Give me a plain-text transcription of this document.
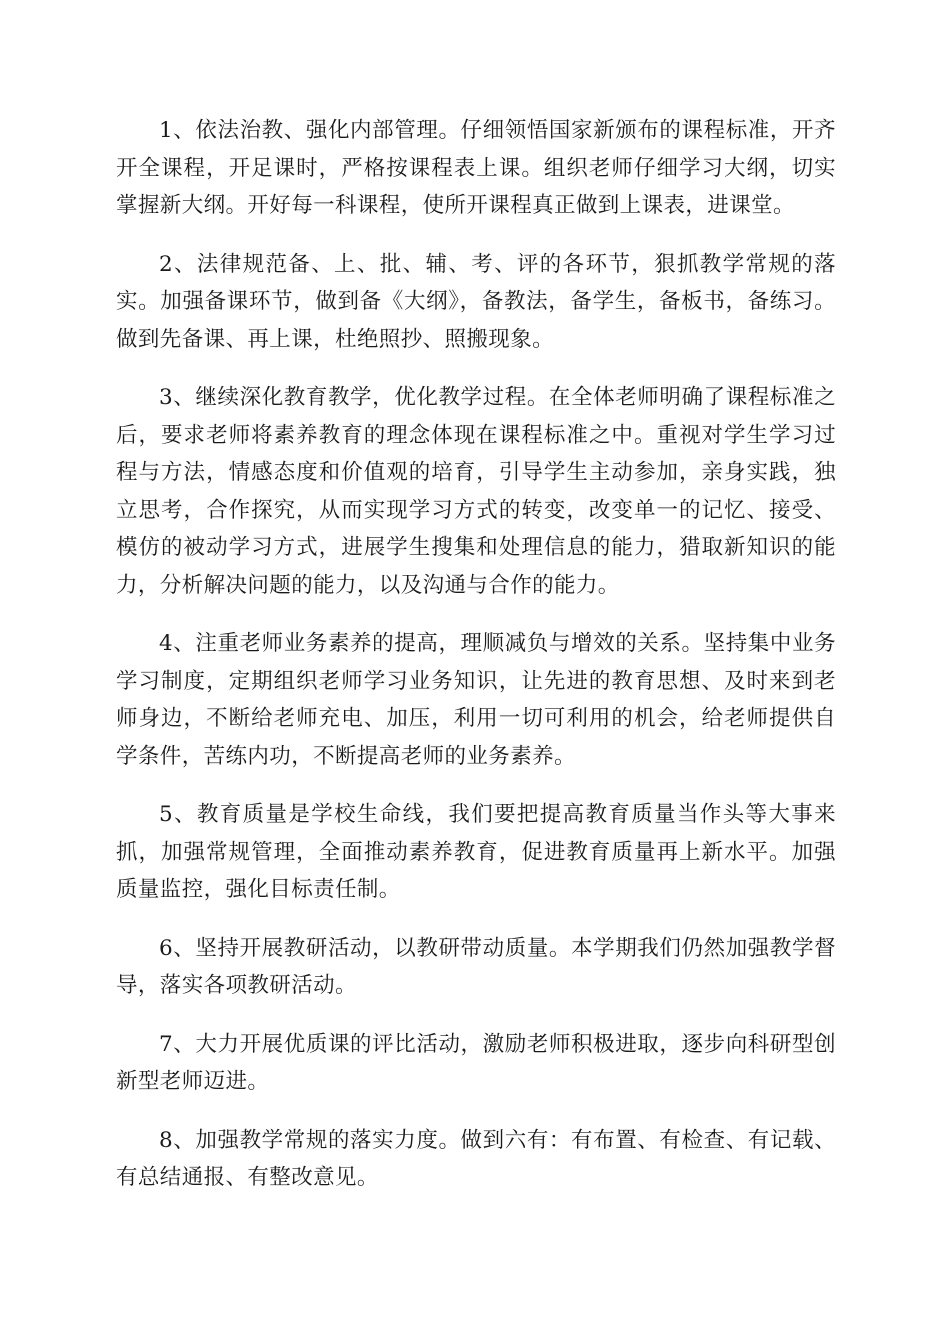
1、依法治教、强化内部管理。仔细领悟国家新颁布的课程标准，开齐开全课程，开足课时，严格按课程表上课。组织老师仔细学习大纲，切实掌握新大纲。开好每一科课程，使所开课程真正做到上课表，进课堂。

2、法律规范备、上、批、辅、考、评的各环节，狠抓教学常规的落实。加强备课环节，做到备《大纲》，备教法，备学生，备板书，备练习。做到先备课、再上课，杜绝照抄、照搬现象。

3、继续深化教育教学，优化教学过程。在全体老师明确了课程标准之后，要求老师将素养教育的理念体现在课程标准之中。重视对学生学习过程与方法，情感态度和价值观的培育，引导学生主动参加，亲身实践，独立思考，合作探究，从而实现学习方式的转变，改变单一的记忆、接受、模仿的被动学习方式，进展学生搜集和处理信息的能力，猎取新知识的能力，分析解决问题的能力，以及沟通与合作的能力。

4、注重老师业务素养的提高，理顺减负与增效的关系。坚持集中业务学习制度，定期组织老师学习业务知识，让先进的教育思想、及时来到老师身边，不断给老师充电、加压，利用一切可利用的机会，给老师提供自学条件，苦练内功，不断提高老师的业务素养。

5、教育质量是学校生命线，我们要把提高教育质量当作头等大事来抓，加强常规管理，全面推动素养教育，促进教育质量再上新水平。加强质量监控，强化目标责任制。

6、坚持开展教研活动，以教研带动质量。本学期我们仍然加强教学督导，落实各项教研活动。

7、大力开展优质课的评比活动，激励老师积极进取，逐步向科研型创新型老师迈进。

8、加强教学常规的落实力度。做到六有：有布置、有检查、有记载、有总结通报、有整改意见。
